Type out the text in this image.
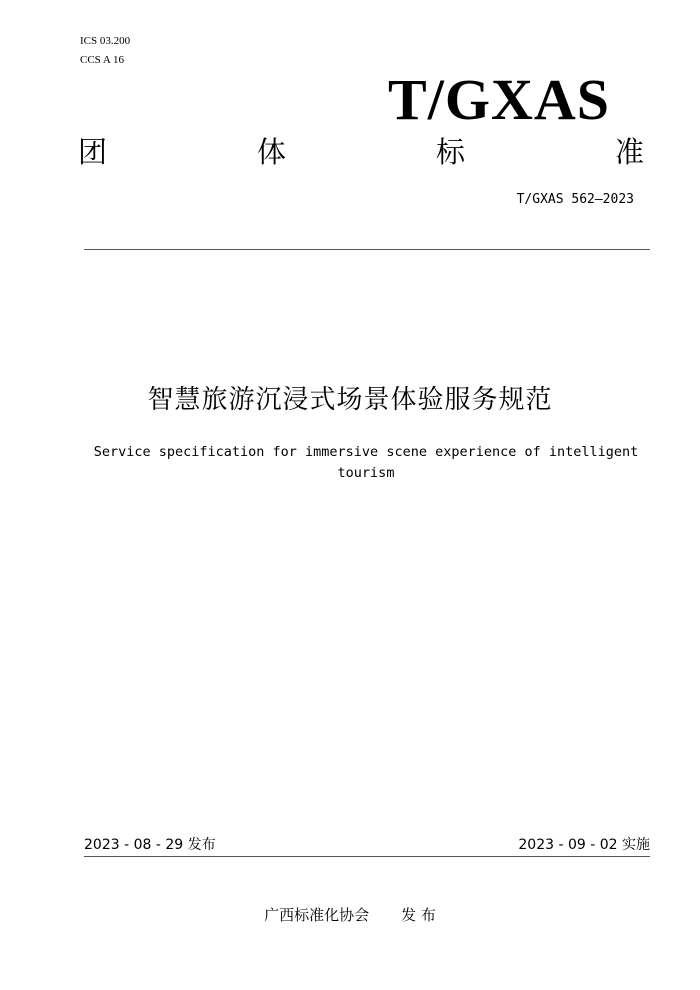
ICS 03.200
CCS A 16
T/GXAS
团	体	标	准
T/GXAS 562—2023
智慧旅游沉浸式场景体验服务规范
Service specification for immersive scene experience of intelligent tourism
2023 - 08 - 29 发布	2023 - 09 - 02 实施
广西标准化协会 发 布
